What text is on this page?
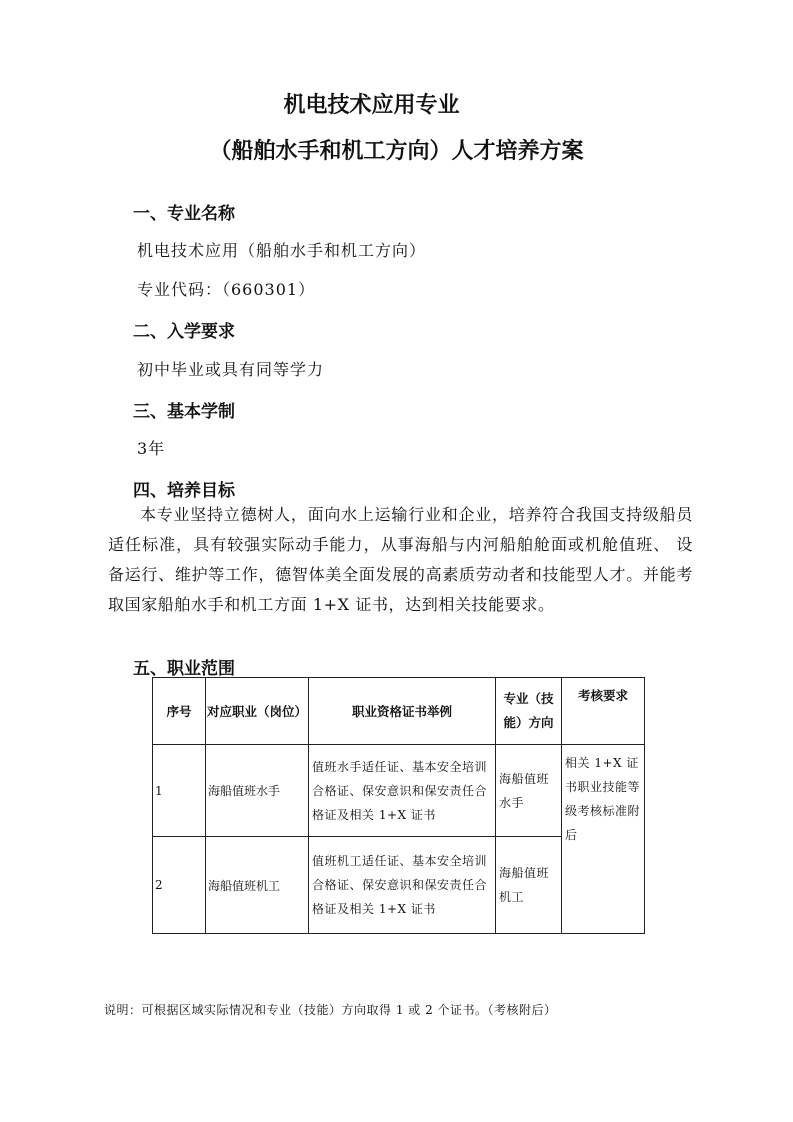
机电技术应用专业
（船舶水手和机工方向）人才培养方案
一、专业名称
机电技术应用（船舶水手和机工方向）
专业代码：（660301）
二、入学要求
初中毕业或具有同等学力
三、基本学制
3年
四、培养目标
本专业坚持立德树人，面向水上运输行业和企业，培养符合我国支持级船员适任标准，具有较强实际动手能力，从事海船与内河船舶舱面或机舱值班、 设备运行、维护等工作，德智体美全面发展的高素质劳动者和技能型人才。并能考取国家船舶水手和机工方面 1+X 证书，达到相关技能要求。
五、职业范围
序号	对应职业（岗位）	职业资格证书举例	专业（技能）方向	考核要求
1	海船值班水手	值班水手适任证、基本安全培训 合格证、保安意识和保安责任合格证及相关 1+X 证书	海船值班水手	相关 1+X 证书职业技能等级考核标准附后
2	海船值班机工	值班机工适任证、基本安全培训合格证、保安意识和保安责任合格证及相关 1+X 证书	海船值班机工	
说明：可根据区域实际情况和专业（技能）方向取得 1 或 2 个证书。（考核附后）
